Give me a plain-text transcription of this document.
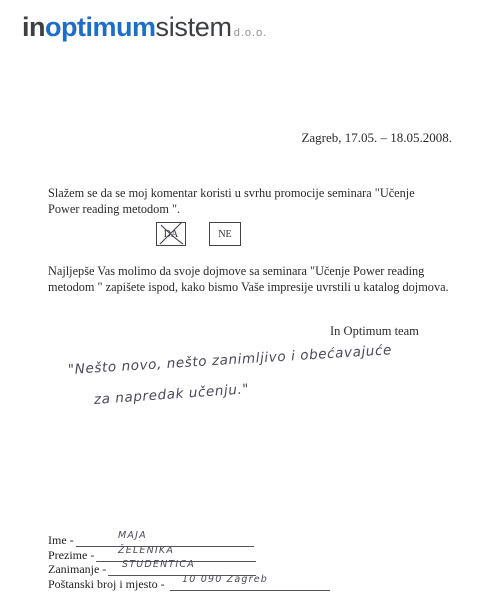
inoptimumsistem d.o.o.
Zagreb, 17.05. – 18.05.2008.

Slažem se da se moj komentar koristi u svrhu promocije seminara "Učenje Power reading metodom ".

DA	NE

Najljepše Vas molimo da svoje dojmove sa seminara "Učenje Power reading metodom " zapišete ispod, kako bismo Vaše impresije uvrstili u katalog dojmova.

In Optimum team
"Nešto novo, nešto zanimljivo i obećavajuće
za napredak učenju."
Ime -	MAJA
Prezime - ŽELENIKA
Zanimanje - STUDENTICA
Poštanski broj i mjesto - 10 090 Zagreb
